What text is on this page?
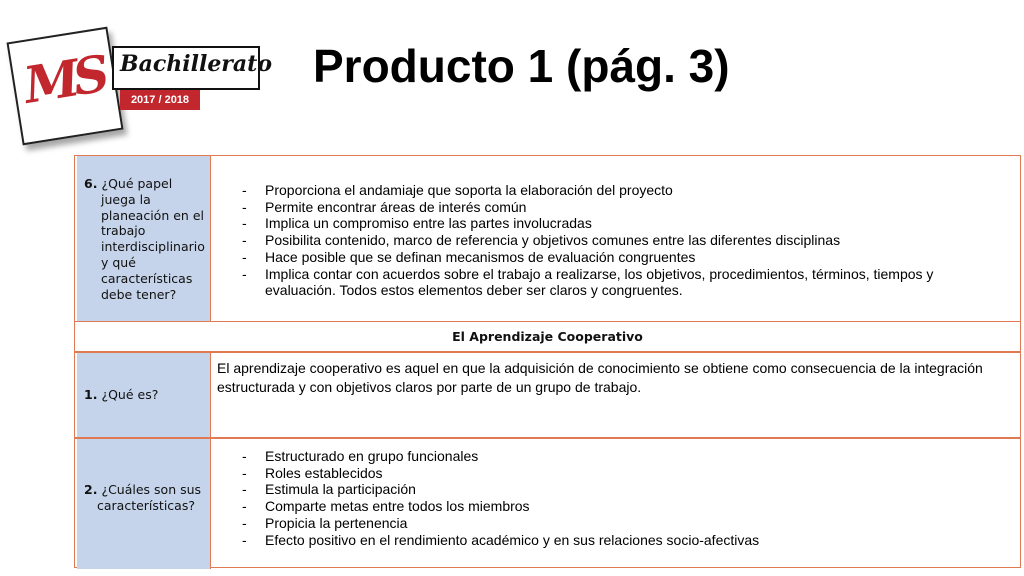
MS Bachillerato
2017 / 2018
Producto 1 (pág. 3)
6. ¿Qué papel juega la planeación en el trabajo interdisciplinario y qué características debe tener?
- Proporciona el andamiaje que soporta la elaboración del proyecto
- Permite encontrar áreas de interés común
- Implica un compromiso entre las partes involucradas
- Posibilita contenido, marco de referencia y objetivos comunes entre las diferentes disciplinas
- Hace posible que se definan mecanismos de evaluación congruentes
- Implica contar con acuerdos sobre el trabajo a realizarse, los objetivos, procedimientos, términos, tiempos y evaluación. Todos estos elementos deber ser claros y congruentes.
El Aprendizaje Cooperativo
1. ¿Qué es?
El aprendizaje cooperativo es aquel en que la adquisición de conocimiento se obtiene como consecuencia de la integración estructurada y con objetivos claros por parte de un grupo de trabajo.
2. ¿Cuáles son sus características?
- Estructurado en grupo funcionales
- Roles establecidos
- Estimula la participación
- Comparte metas entre todos los miembros
- Propicia la pertenencia
- Efecto positivo en el rendimiento académico y en sus relaciones socio-afectivas
